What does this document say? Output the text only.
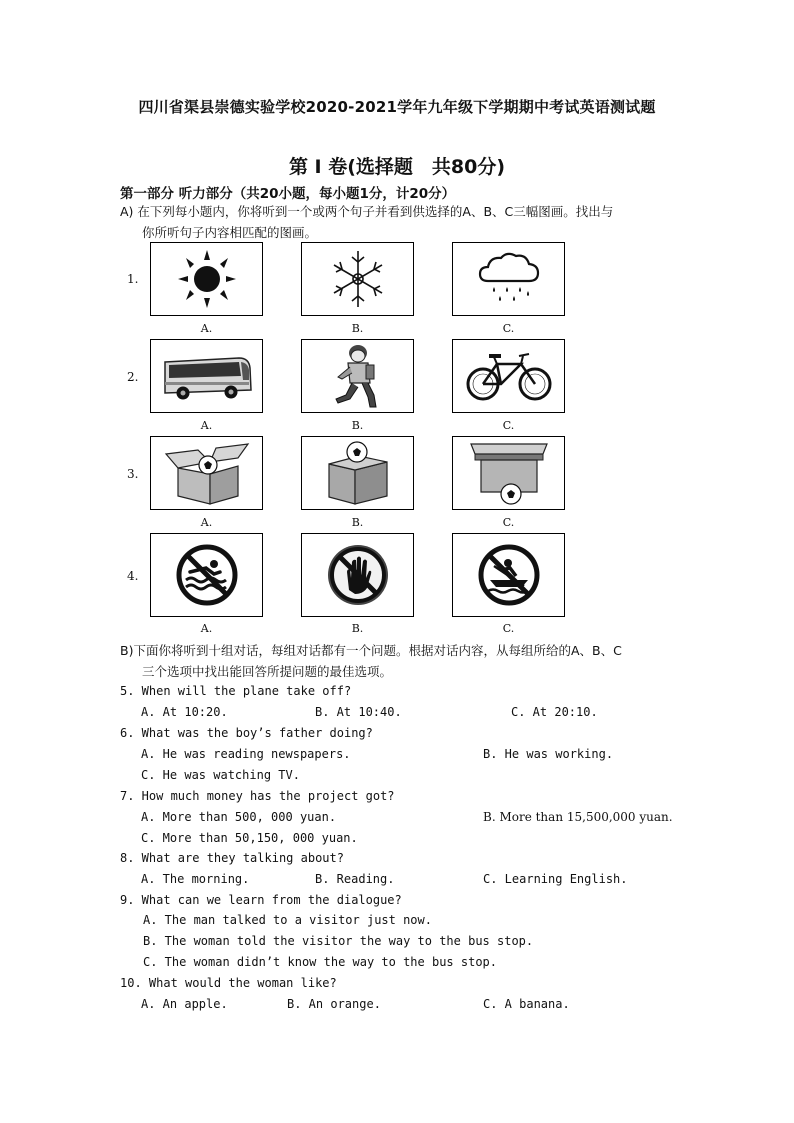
四川省渠县崇德实验学校2020-2021学年九年级下学期期中考试英语测试题
第 I 卷(选择题　共80分)
第一部分 听力部分（共20小题，每小题1分，计20分）
A) 在下列每小题内，你将听到一个或两个句子并看到供选择的A、B、C三幅图画。找出与
你所听句子内容相匹配的图画。
1.
A.	B.	C.
2.
A.	B.	C.
3.
A.	B.	C.
4.
A.	B.	C.
B)下面你将听到十组对话，每组对话都有一个问题。根据对话内容，从每组所给的A、B、C
三个选项中找出能回答所提问题的最佳选项。
5. When will the plane take off?
A. At 10:20.	B. At 10:40.	C. At 20:10.
6. What was the boy’s father doing?
A. He was reading newspapers.	B. He was working.
C. He was watching TV.
7. How much money has the project got?
A. More than 500, 000 yuan.	B. More than 15,500,000 yuan.
C. More than 50,150, 000 yuan.
8. What are they talking about?
A. The morning.	B. Reading.	C. Learning English.
9. What can we learn from the dialogue?
A. The man talked to a visitor just now.
B. The woman told the visitor the way to the bus stop.
C. The woman didn’t know the way to the bus stop.
10. What would the woman like?
A. An apple.	B. An orange.	C. A banana.
